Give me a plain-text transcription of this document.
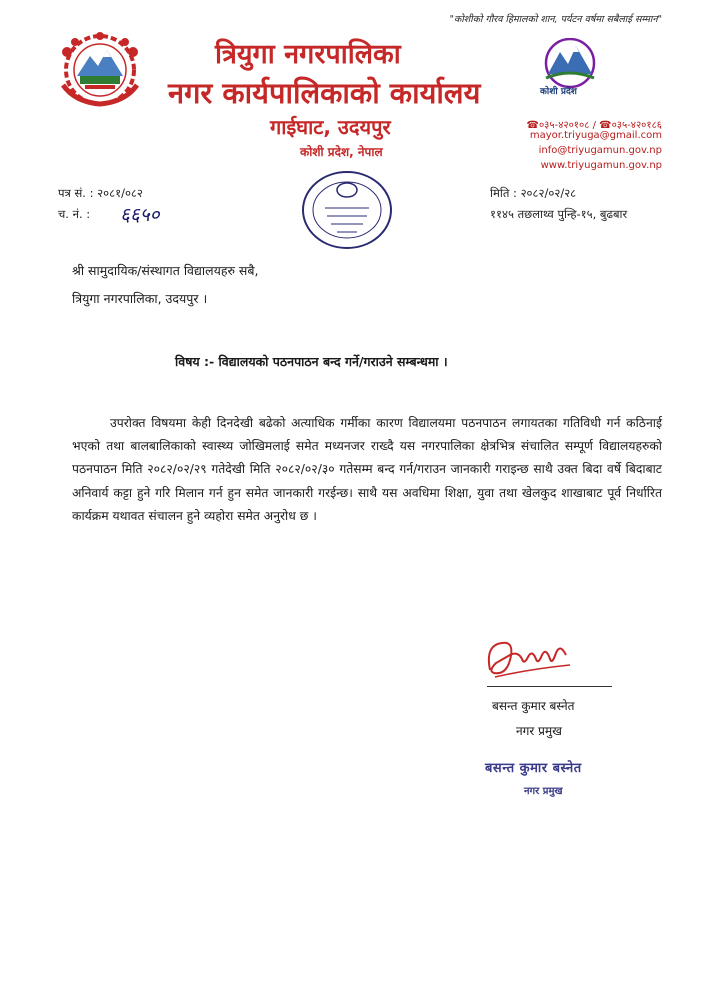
"कोशीको गौरव हिमालको शान, पर्यटन वर्षमा सबैलाई सम्मान"
त्रियुगा नगरपालिका
नगर कार्यपालिकाको कार्यालय
गाईघाट, उदयपुर
कोशी प्रदेश, नेपाल
कोशी प्रदेश
☎०३५-४२०१०८ / ☎०३५-४२०१८६
mayor.triyuga@gmail.com
info@triyugamun.gov.np
www.triyugamun.gov.np
पत्र सं. : २०८१/०८२
च. नं. : ६६५०
मिति : २०८२/०२/२८
११४५ तछलाथ्व पुन्हि-१५, बुढबार
श्री सामुदायिक/संस्थागत विद्यालयहरु सबै,
त्रियुगा नगरपालिका, उदयपुर ।
विषय :- विद्यालयको पठनपाठन बन्द गर्ने/गराउने सम्बन्धमा ।

उपरोक्त विषयमा केही दिनदेखी बढेको अत्याधिक गर्मीका कारण विद्यालयमा पठनपाठन लगायतका गतिविधी गर्न कठिनाई भएको तथा बालबालिकाको स्वास्थ्य जोखिमलाई समेत मध्यनजर राख्दै यस नगरपालिका क्षेत्रभित्र संचालित सम्पूर्ण विद्यालयहरुको पठनपाठन मिति २०८२/०२/२९ गतेदेखी मिति २०८२/०२/३० गतेसम्म बन्द गर्न/गराउन जानकारी गराइन्छ साथै उक्त बिदा वर्षे बिदाबाट अनिवार्य कट्टा हुने गरि मिलान गर्न हुन समेत जानकारी गरईन्छ। साथै यस अवधिमा शिक्षा, युवा तथा खेलकुद शाखाबाट पूर्व निर्धारित कार्यक्रम यथावत संचालन हुने व्यहोरा समेत अनुरोध छ ।

बसन्त कुमार बस्नेत
नगर प्रमुख
बसन्त कुमार बस्नेत
नगर प्रमुख
